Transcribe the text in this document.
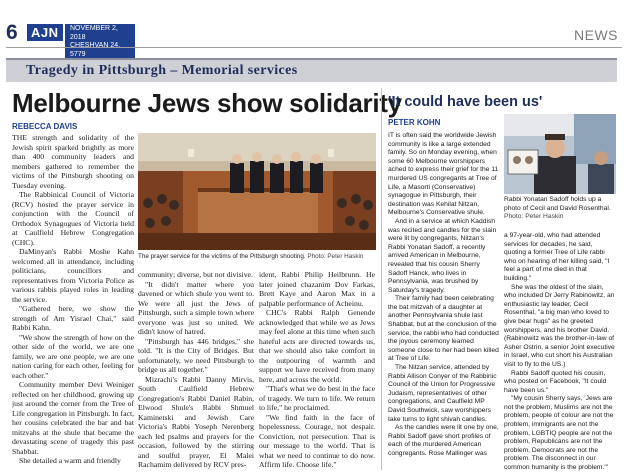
6	AJN	NOVEMBER 2, 2018
CHESHVAN 24, 5779
NEWS
Tragedy in Pittsburgh – Memorial services
Melbourne Jews show solidarity
REBECCA DAVIS

THE strength and solidarity of the Jewish spirit sparked brightly as more than 400 community leaders and members gathered to remember the victims of the Pittsburgh shooting on Tuesday evening.

The Rabbinical Council of Victoria (RCV) hosted the prayer service in conjunction with the Council of Orthodox Synagogues of Victoria held at Caulfield Hebrew Congregation (CHC).

DaMinyan's Rabbi Moshe Kahn welcomed all in attendance, including politicians, councillors and representatives from Victoria Police as various rabbis played roles in leading the service.

"Gathered here, we show the strength of Am Yisrael Chai," said Rabbi Kahn.

"We show the strength of how on the other side of the world, we are one family, we are one people, we are one nation caring for each other, feeling for each other."

Community member Devi Weiniger reflected on her childhood, growing up just around the corner from the Tree of Life congregation in Pittsburgh. In fact, her cousins celebrated the bar and bat mitzvahs at the shule that became the devastating scene of tragedy this past Shabbat.

She detailed a warm and friendly

The prayer service for the victims of the Pittsburgh shooting. Photo: Peter Haskin

community; diverse, but not divisive.

"It didn't matter where you davened or which shule you went to. We were all just the Jews of Pittsburgh, such a simple town where everyone was just so united. We didn't know of hatred.

"Pittsburgh has 446 bridges," she told. "It is the City of Bridges. But unfortunately, we need Pittsburgh to bridge us all together."

Mizrachi's Rabbi Danny Mirvis, South Caulfield Hebrew Congregation's Rabbi Daniel Rabin, Elwood Shule's Rabbi Shmuel Kaminetski and Jewish Care Victoria's Rabbi Yoseph Nerenberg each led psalms and prayers for the occasion, followed by the stirring and soulful prayer, El Malei Rachamim delivered by RCV pres-

ident, Rabbi Philip Heilbrunn. He later joined chazanim Dov Farkas, Brett Kaye and Aaron Max in a palpable performance of Acheinu.

CHC's Rabbi Ralph Genende acknowledged that while we as Jews may feel alone at this time when such hateful acts are directed towards us, that we should also take comfort in the outpouring of warmth and support we have received from many here, and across the world.

"That's what we do best in the face of tragedy. We turn to life. We return to life," he proclaimed.

"We find faith in the face of hopelessness. Courage, not despair. Conviction, not persecution. That is our message to the world. That is what we need to continue to do now. Affirm life. Choose life."

'It could have been us'
PETER KOHN

IT is often said the worldwide Jewish community is like a large extended family. So on Monday evening, when some 60 Melbourne worshippers ached to express their grief for the 11 murdered US congregants at Tree of Life, a Masorti (Conservative) synagogue in Pittsburgh, their destination was Kehilat Nitzan, Melbourne's Conservative shule.

And in a service at which Kaddish was recited and candles for the slain were lit by congregants, Nitzan's Rabbi Yonatan Sadoff, a recently arrived American in Melbourne, revealed that his cousin Sherry Sadoff Hanck, who lives in Pennsylvania, was brushed by Saturday's tragedy.

Their family had been celebrating the bat mitzvah of a daughter at another Pennsylvania shule last Shabbat, but at the conclusion of the service, the rabbi who had conducted the joyous ceremony learned someone close to her had been killed at Tree of Life.

The Nitzan service, attended by Rabbi Allison Conyer of the Rabbinic Council of the Union for Progressive Judaism, representatives of other congregations, and Caulfield MP David Southwick, saw worshippers take turns to light shivah candles.

As the candles were lit one by one, Rabbi Sadoff gave short profiles of each of the murdered American congregants. Rose Mallinger was

Rabbi Yonatan Sadoff holds up a photo of Cecil and David Rosenthal. Photo: Peter Haskin

a 97-year-old, who had attended services for decades, he said, quoting a former Tree of Life rabbi who on hearing of her killing said, "I feel a part of me died in that building."

She was the oldest of the slain, who included Dr Jerry Rabinowitz, an enthusiastic lay leader, Cecil Rosenthal, "a big man who loved to give bear hugs" as he greeted worshippers, and his brother David. (Rabinowitz was the brother-in-law of Asher Ostrin, a senior Joint executive in Israel, who cut short his Australian visit to fly to the US.)

Rabbi Sadoff quoted his cousin, who posted on Facebook, "It could have been us."

"My cousin Sherry says, 'Jews are not the problem, Muslims are not the problem, people of colour are not the problem, immigrants are not the problem, LGBTIQ people are not the problem, Republicans are not the problem, Democrats are not the problem. The disconnect in our common humanity is the problem.'"
